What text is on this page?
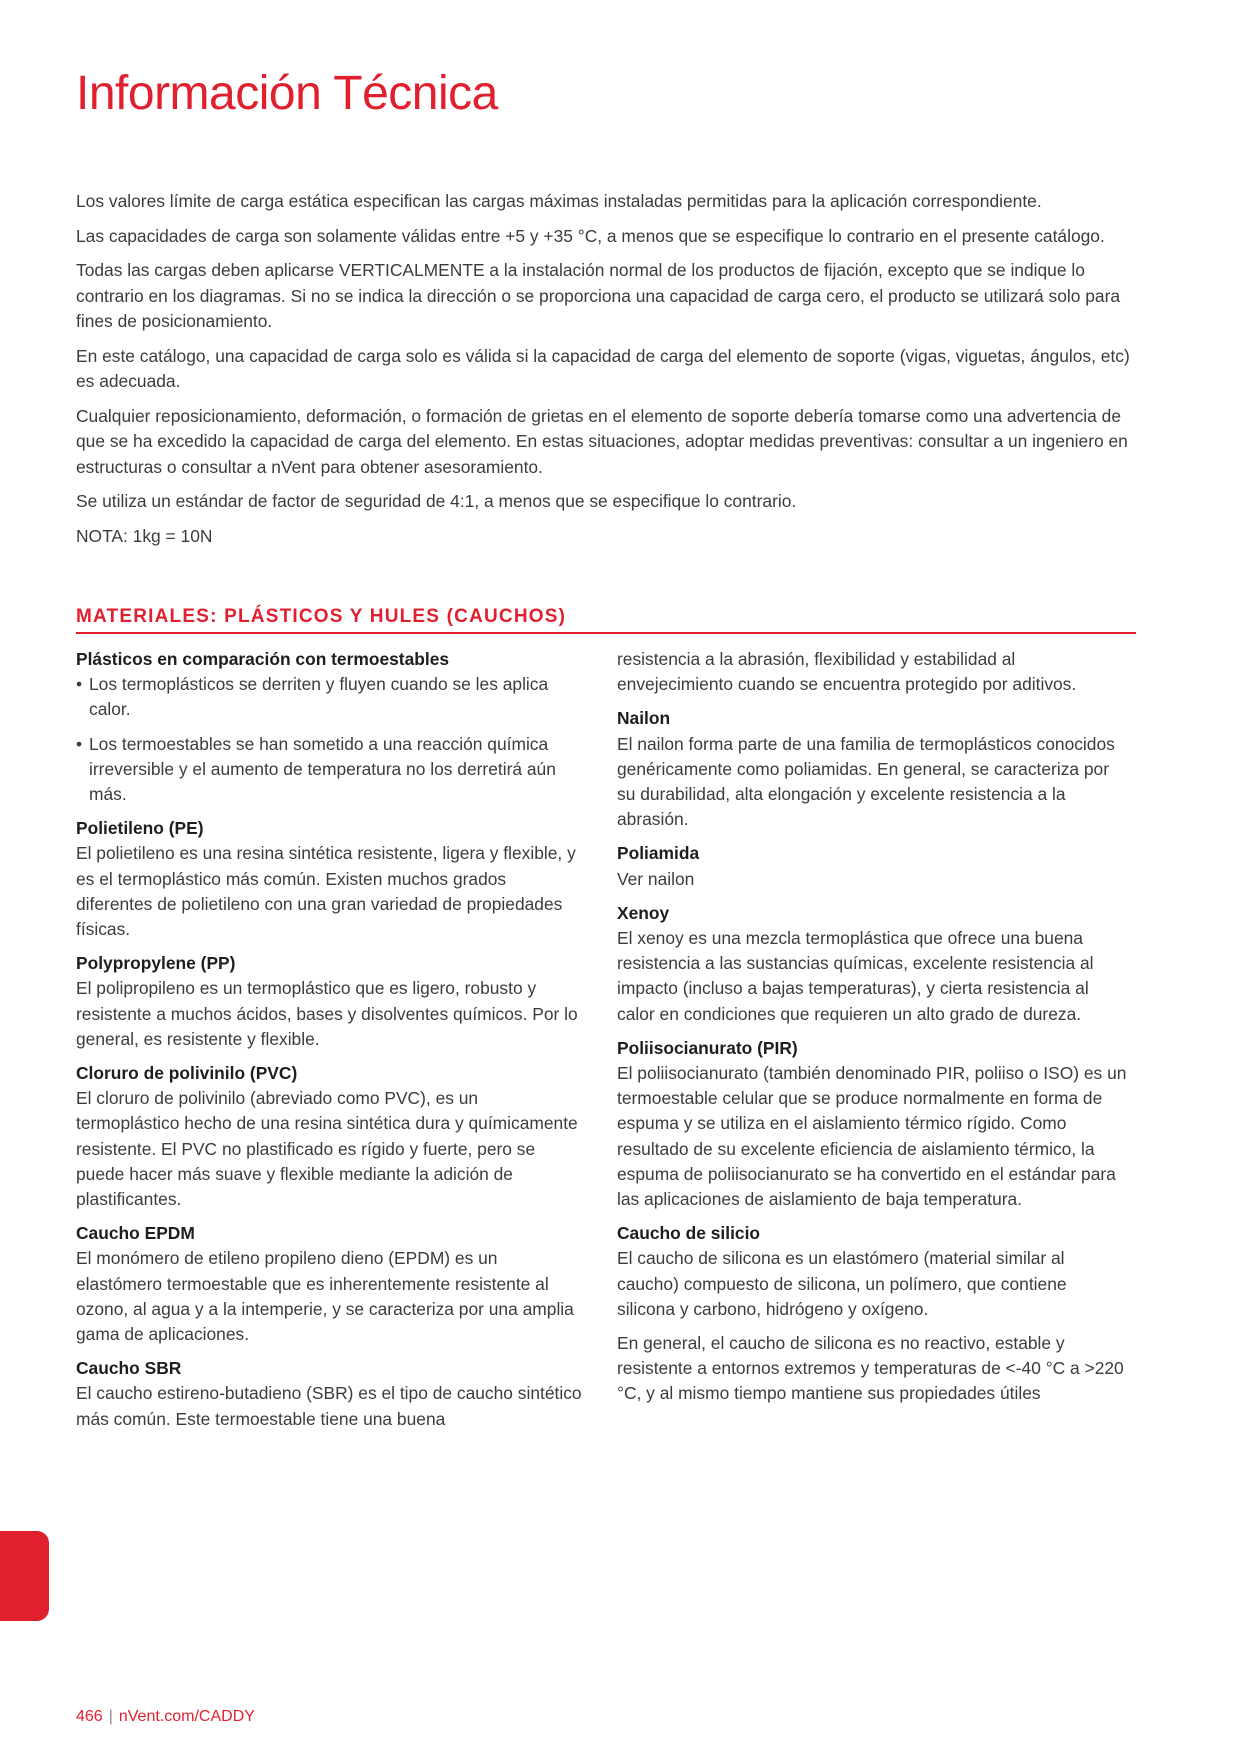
Información Técnica

Los valores límite de carga estática especifican las cargas máximas instaladas permitidas para la aplicación correspondiente.

Las capacidades de carga son solamente válidas entre +5 y +35 °C, a menos que se especifique lo contrario en el presente catálogo.

Todas las cargas deben aplicarse VERTICALMENTE a la instalación normal de los productos de fijación, excepto que se indique lo contrario en los diagramas. Si no se indica la dirección o se proporciona una capacidad de carga cero, el producto se utilizará solo para fines de posicionamiento.

En este catálogo, una capacidad de carga solo es válida si la capacidad de carga del elemento de soporte (vigas, viguetas, ángulos, etc) es adecuada.

Cualquier reposicionamiento, deformación, o formación de grietas en el elemento de soporte debería tomarse como una advertencia de que se ha excedido la capacidad de carga del elemento. En estas situaciones, adoptar medidas preventivas: consultar a un ingeniero en estructuras o consultar a nVent para obtener asesoramiento.

Se utiliza un estándar de factor de seguridad de 4:1, a menos que se especifique lo contrario.

NOTA: 1kg = 10N

MATERIALES: PLÁSTICOS Y HULES (CAUCHOS)
Plásticos en comparación con termoestables
• Los termoplásticos se derriten y fluyen cuando se les aplica calor.
• Los termoestables se han sometido a una reacción química irreversible y el aumento de temperatura no los derretirá aún más.
Polietileno (PE)

El polietileno es una resina sintética resistente, ligera y flexible, y es el termoplástico más común. Existen muchos grados diferentes de polietileno con una gran variedad de propiedades físicas.

Polypropylene (PP)

El polipropileno es un termoplástico que es ligero, robusto y resistente a muchos ácidos, bases y disolventes químicos. Por lo general, es resistente y flexible.

Cloruro de polivinilo (PVC)

El cloruro de polivinilo (abreviado como PVC), es un termoplástico hecho de una resina sintética dura y químicamente resistente. El PVC no plastificado es rígido y fuerte, pero se puede hacer más suave y flexible mediante la adición de plastificantes.

Caucho EPDM

El monómero de etileno propileno dieno (EPDM) es un elastómero termoestable que es inherentemente resistente al ozono, al agua y a la intemperie, y se caracteriza por una amplia gama de aplicaciones.

Caucho SBR

El caucho estireno-butadieno (SBR) es el tipo de caucho sintético más común. Este termoestable tiene una buena

resistencia a la abrasión, flexibilidad y estabilidad al envejecimiento cuando se encuentra protegido por aditivos.

Nailon

El nailon forma parte de una familia de termoplásticos conocidos genéricamente como poliamidas. En general, se caracteriza por su durabilidad, alta elongación y excelente resistencia a la abrasión.

Poliamida

Ver nailon

Xenoy

El xenoy es una mezcla termoplástica que ofrece una buena resistencia a las sustancias químicas, excelente resistencia al impacto (incluso a bajas temperaturas), y cierta resistencia al calor en condiciones que requieren un alto grado de dureza.

Poliisocianurato (PIR)

El poliisocianurato (también denominado PIR, poliiso o ISO) es un termoestable celular que se produce normalmente en forma de espuma y se utiliza en el aislamiento térmico rígido. Como resultado de su excelente eficiencia de aislamiento térmico, la espuma de poliisocianurato se ha convertido en el estándar para las aplicaciones de aislamiento de baja temperatura.

Caucho de silicio

El caucho de silicona es un elastómero (material similar al caucho) compuesto de silicona, un polímero, que contiene silicona y carbono, hidrógeno y oxígeno.

En general, el caucho de silicona es no reactivo, estable y resistente a entornos extremos y temperaturas de <-40 °C a >220 °C, y al mismo tiempo mantiene sus propiedades útiles

466 | nVent.com/CADDY
